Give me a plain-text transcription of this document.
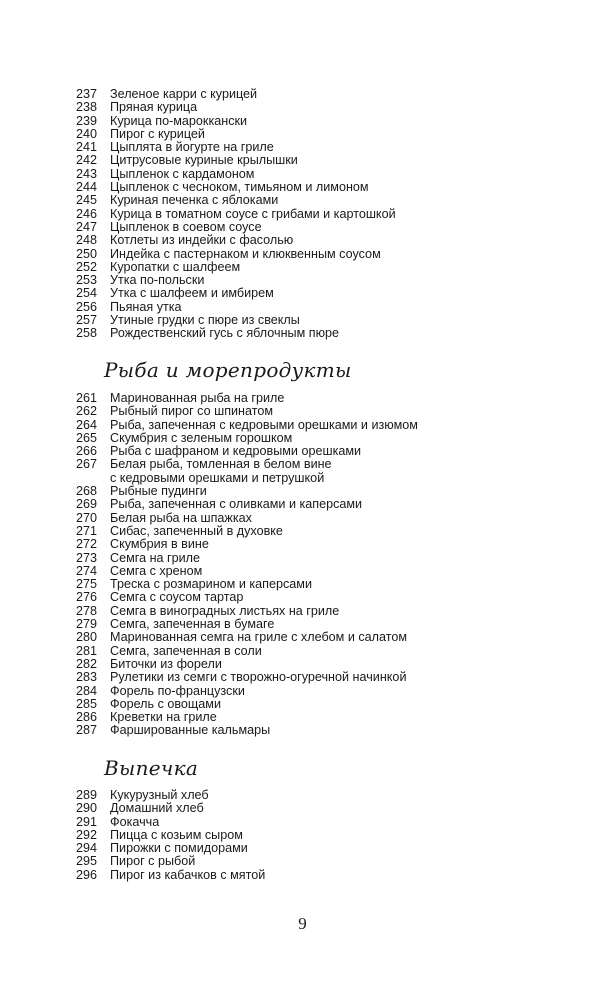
237	Зеленое карри с курицей
238	Пряная курица
239	Курица по-мароккански
240	Пирог с курицей
241	Цыплята в йогурте на гриле
242	Цитрусовые куриные крылышки
243	Цыпленок с кардамоном
244	Цыпленок с чесноком, тимьяном и лимоном
245	Куриная печенка с яблоками
246	Курица в томатном соусе с грибами и картошкой
247	Цыпленок в соевом соусе
248	Котлеты из индейки с фасолью
250	Индейка с пастернаком и клюквенным соусом
252	Куропатки с шалфеем
253	Утка по-польски
254	Утка с шалфеем и имбирем
256	Пьяная утка
257	Утиные грудки с пюре из свеклы
258	Рождественский гусь с яблочным пюре
Рыба и морепродукты
261	Маринованная рыба на гриле
262	Рыбный пирог со шпинатом
264	Рыба, запеченная с кедровыми орешками и изюмом
265	Скумбрия с зеленым горошком
266	Рыба с шафраном и кедровыми орешками
267	Белая рыба, томленная в белом вине
с кедровыми орешками и петрушкой
268	Рыбные пудинги
269	Рыба, запеченная с оливками и каперсами
270	Белая рыба на шпажках
271	Сибас, запеченный в духовке
272	Скумбрия в вине
273	Семга на гриле
274	Семга с хреном
275	Треска с розмарином и каперсами
276	Семга с соусом тартар
278	Семга в виноградных листьях на гриле
279	Семга, запеченная в бумаге
280	Маринованная семга на гриле с хлебом и салатом
281	Семга, запеченная в соли
282	Биточки из форели
283	Рулетики из семги с творожно-огуречной начинкой
284	Форель по-французски
285	Форель с овощами
286	Креветки на гриле
287	Фаршированные кальмары
Выпечка
289	Кукурузный хлеб
290	Домашний хлеб
291	Фокачча
292	Пицца с козьим сыром
294	Пирожки с помидорами
295	Пирог с рыбой
296	Пирог из кабачков с мятой
9
